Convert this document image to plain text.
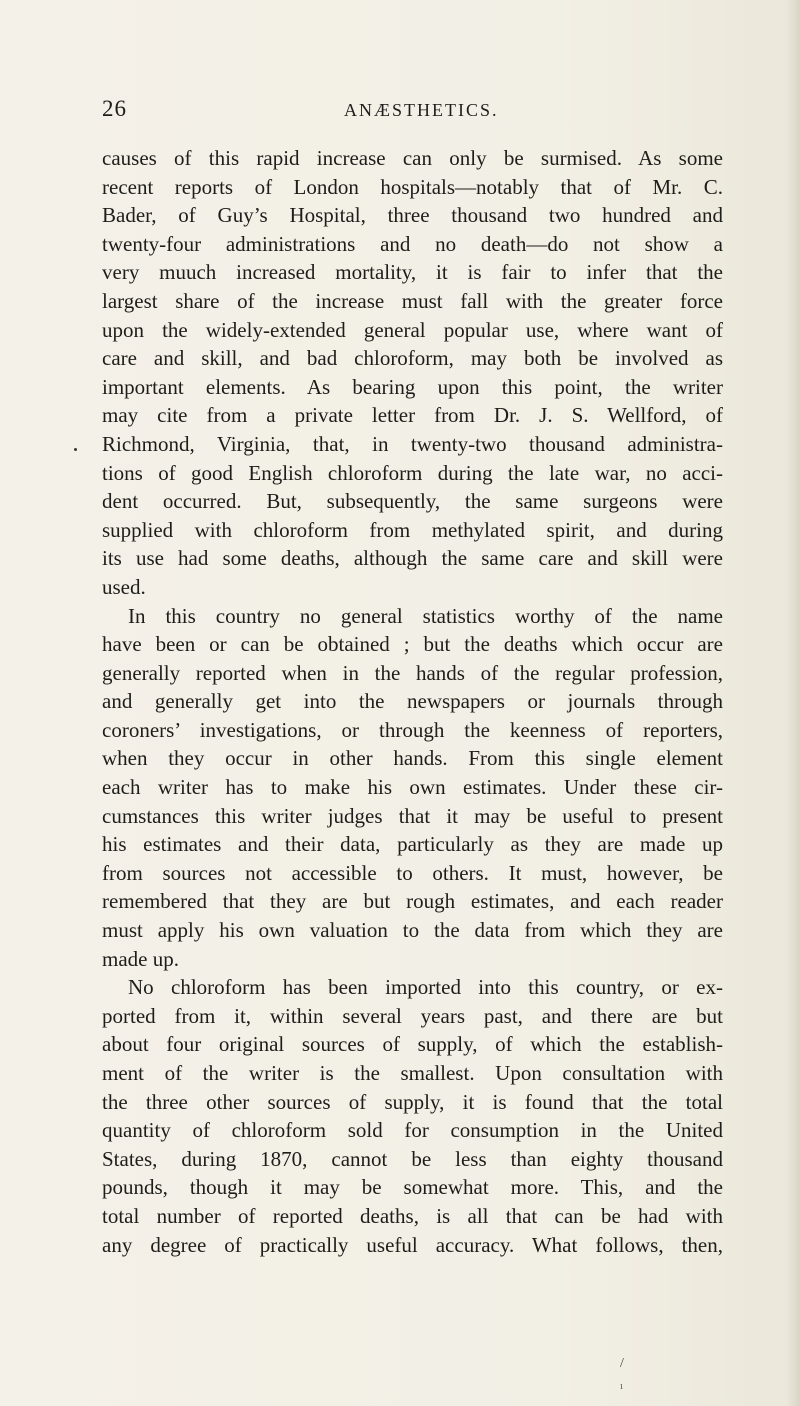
26	ANÆSTHETICS.
causes of this rapid increase can only be surmised. As some
recent reports of London hospitals—notably that of Mr. C.
Bader, of Guy’s Hospital, three thousand two hundred and
twenty-four administrations and no death—do not show a
very muuch increased mortality, it is fair to infer that the
largest share of the increase must fall with the greater force
upon the widely-extended general popular use, where want of
care and skill, and bad chloroform, may both be involved as
important elements. As bearing upon this point, the writer
may cite from a private letter from Dr. J. S. Wellford, of
Richmond, Virginia, that, in twenty-two thousand administra-
tions of good English chloroform during the late war, no acci-
dent occurred. But, subsequently, the same surgeons were
supplied with chloroform from methylated spirit, and during
its use had some deaths, although the same care and skill were
used.
In this country no general statistics worthy of the name
have been or can be obtained ; but the deaths which occur are
generally reported when in the hands of the regular profession,
and generally get into the newspapers or journals through
coroners’ investigations, or through the keenness of reporters,
when they occur in other hands. From this single element
each writer has to make his own estimates. Under these cir-
cumstances this writer judges that it may be useful to present
his estimates and their data, particularly as they are made up
from sources not accessible to others. It must, however, be
remembered that they are but rough estimates, and each reader
must apply his own valuation to the data from which they are
made up.
No chloroform has been imported into this country, or ex-
ported from it, within several years past, and there are but
about four original sources of supply, of which the establish-
ment of the writer is the smallest. Upon consultation with
the three other sources of supply, it is found that the total
quantity of chloroform sold for consumption in the United
States, during 1870, cannot be less than eighty thousand
pounds, though it may be somewhat more. This, and the
total number of reported deaths, is all that can be had with
any degree of practically useful accuracy. What follows, then,
/
ı
